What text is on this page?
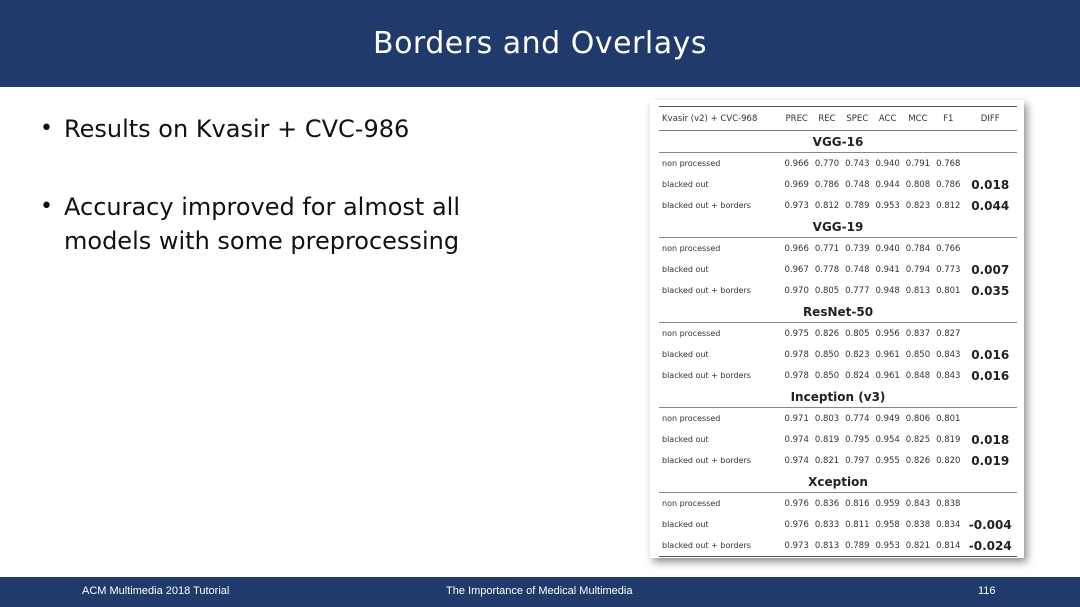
Borders and Overlays
• Results on Kvasir + CVC-986
• Accuracy improved for almost all models with some preprocessing
Kvasir (v2) + CVC-968	PREC	REC	SPEC	ACC	MCC	F1	DIFF
VGG-16							
non processed	0.966	0.770	0.743	0.940	0.791	0.768	
blacked out	0.969	0.786	0.748	0.944	0.808	0.786	0.018
blacked out + borders	0.973	0.812	0.789	0.953	0.823	0.812	0.044
VGG-19							
non processed	0.966	0.771	0.739	0.940	0.784	0.766	
blacked out	0.967	0.778	0.748	0.941	0.794	0.773	0.007
blacked out + borders	0.970	0.805	0.777	0.948	0.813	0.801	0.035
ResNet-50							
non processed	0.975	0.826	0.805	0.956	0.837	0.827	
blacked out	0.978	0.850	0.823	0.961	0.850	0.843	0.016
blacked out + borders	0.978	0.850	0.824	0.961	0.848	0.843	0.016
Inception (v3)							
non processed	0.971	0.803	0.774	0.949	0.806	0.801	
blacked out	0.974	0.819	0.795	0.954	0.825	0.819	0.018
blacked out + borders	0.974	0.821	0.797	0.955	0.826	0.820	0.019
Xception							
non processed	0.976	0.836	0.816	0.959	0.843	0.838	
blacked out	0.976	0.833	0.811	0.958	0.838	0.834	-0.004
blacked out + borders	0.973	0.813	0.789	0.953	0.821	0.814	-0.024
ACM Multimedia 2018 Tutorial	The Importance of Medical Multimedia	116
